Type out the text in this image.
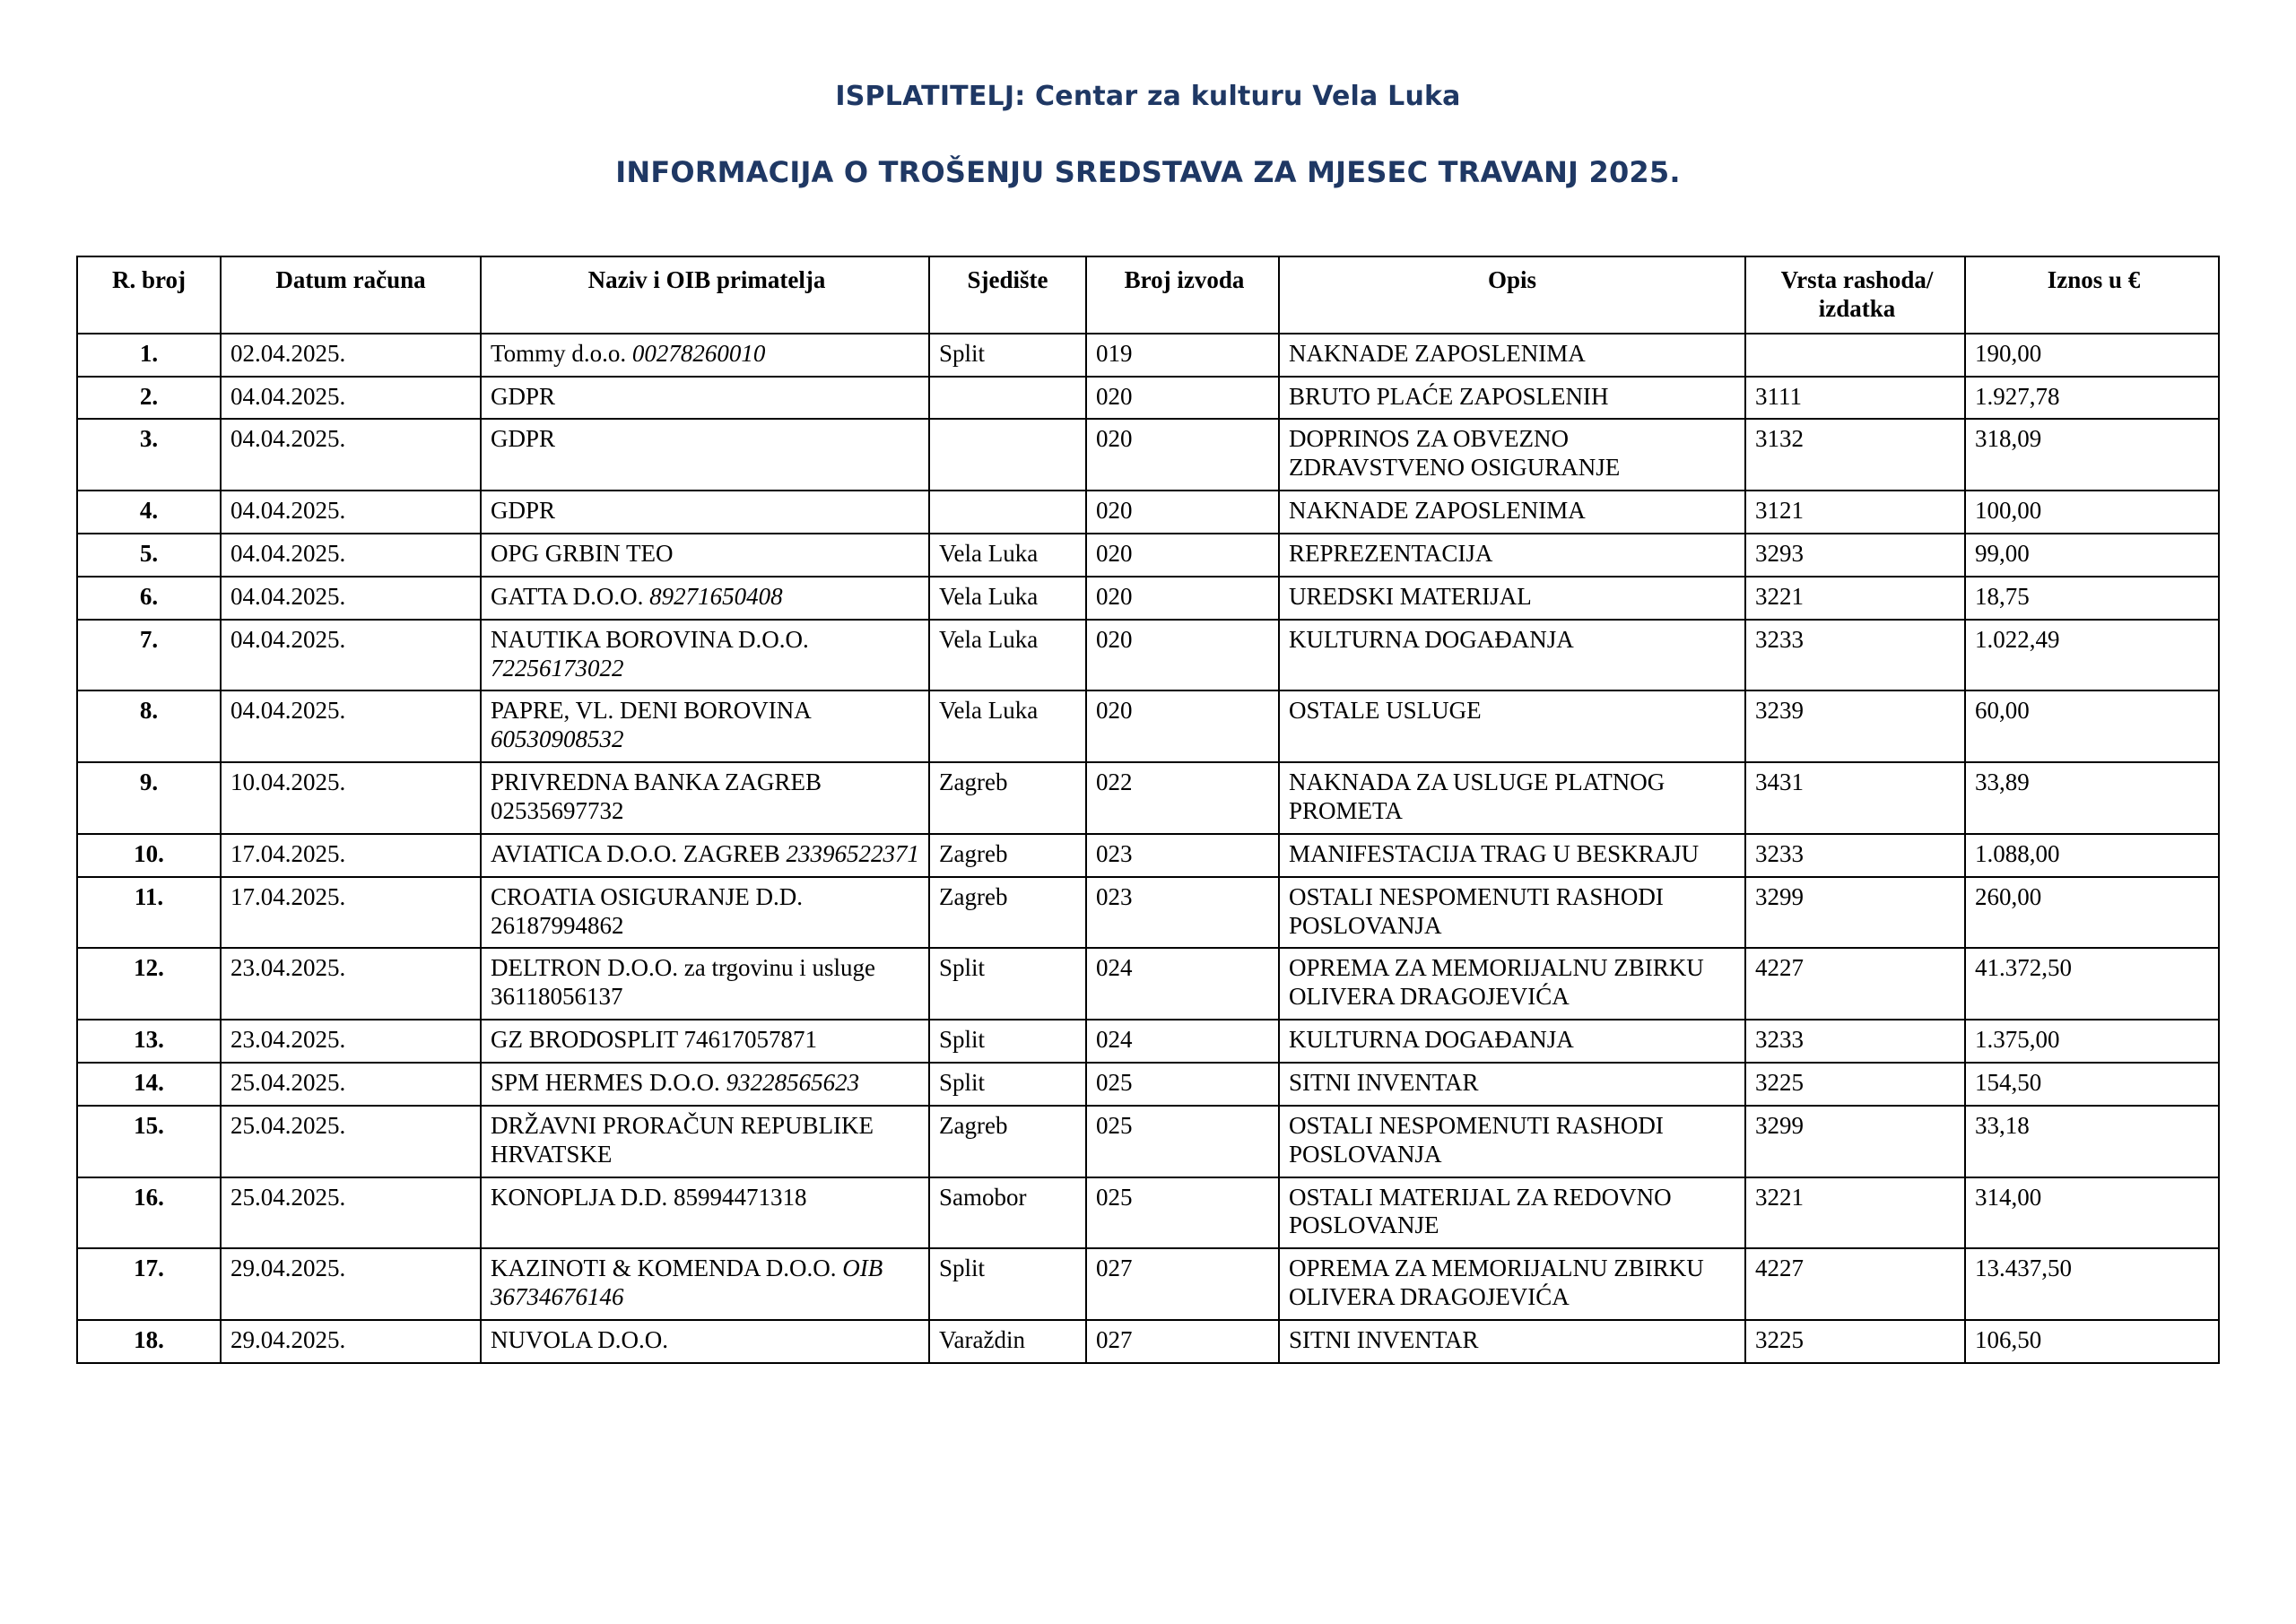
ISPLATITELJ: Centar za kulturu Vela Luka
INFORMACIJA O TROŠENJU SREDSTAVA ZA MJESEC TRAVANJ 2025.
R. broj	Datum računa	Naziv i OIB primatelja	Sjedište	Broj izvoda	Opis	Vrsta rashoda/ izdatka	Iznos u €
1.	02.04.2025.	Tommy d.o.o. 00278260010	Split	019	NAKNADE ZAPOSLENIMA		190,00
2.	04.04.2025.	GDPR		020	BRUTO PLAĆE ZAPOSLENIH	3111	1.927,78
3.	04.04.2025.	GDPR		020	DOPRINOS ZA OBVEZNO ZDRAVSTVENO OSIGURANJE	3132	318,09
4.	04.04.2025.	GDPR		020	NAKNADE ZAPOSLENIMA	3121	100,00
5.	04.04.2025.	OPG GRBIN TEO	Vela Luka	020	REPREZENTACIJA	3293	99,00
6.	04.04.2025.	GATTA D.O.O. 89271650408	Vela Luka	020	UREDSKI MATERIJAL	3221	18,75
7.	04.04.2025.	NAUTIKA BOROVINA D.O.O. 72256173022	Vela Luka	020	KULTURNA DOGAĐANJA	3233	1.022,49
8.	04.04.2025.	PAPRE, VL. DENI BOROVINA 60530908532	Vela Luka	020	OSTALE USLUGE	3239	60,00
9.	10.04.2025.	PRIVREDNA BANKA ZAGREB 02535697732	Zagreb	022	NAKNADA ZA USLUGE PLATNOG PROMETA	3431	33,89
10.	17.04.2025.	AVIATICA D.O.O. ZAGREB 23396522371	Zagreb	023	MANIFESTACIJA TRAG U BESKRAJU	3233	1.088,00
11.	17.04.2025.	CROATIA OSIGURANJE D.D. 26187994862	Zagreb	023	OSTALI NESPOMENUTI RASHODI POSLOVANJA	3299	260,00
12.	23.04.2025.	DELTRON D.O.O. za trgovinu i usluge 36118056137	Split	024	OPREMA ZA MEMORIJALNU ZBIRKU OLIVERA DRAGOJEVIĆA	4227	41.372,50
13.	23.04.2025.	GZ BRODOSPLIT 74617057871	Split	024	KULTURNA DOGAĐANJA	3233	1.375,00
14.	25.04.2025.	SPM HERMES D.O.O. 93228565623	Split	025	SITNI INVENTAR	3225	154,50
15.	25.04.2025.	DRŽAVNI PRORAČUN REPUBLIKE HRVATSKE	Zagreb	025	OSTALI NESPOMENUTI RASHODI POSLOVANJA	3299	33,18
16.	25.04.2025.	KONOPLJA D.D. 85994471318	Samobor	025	OSTALI MATERIJAL ZA REDOVNO POSLOVANJE	3221	314,00
17.	29.04.2025.	KAZINOTI & KOMENDA D.O.O. OIB 36734676146	Split	027	OPREMA ZA MEMORIJALNU ZBIRKU OLIVERA DRAGOJEVIĆA	4227	13.437,50
18.	29.04.2025.	NUVOLA D.O.O.	Varaždin	027	SITNI INVENTAR	3225	106,50
